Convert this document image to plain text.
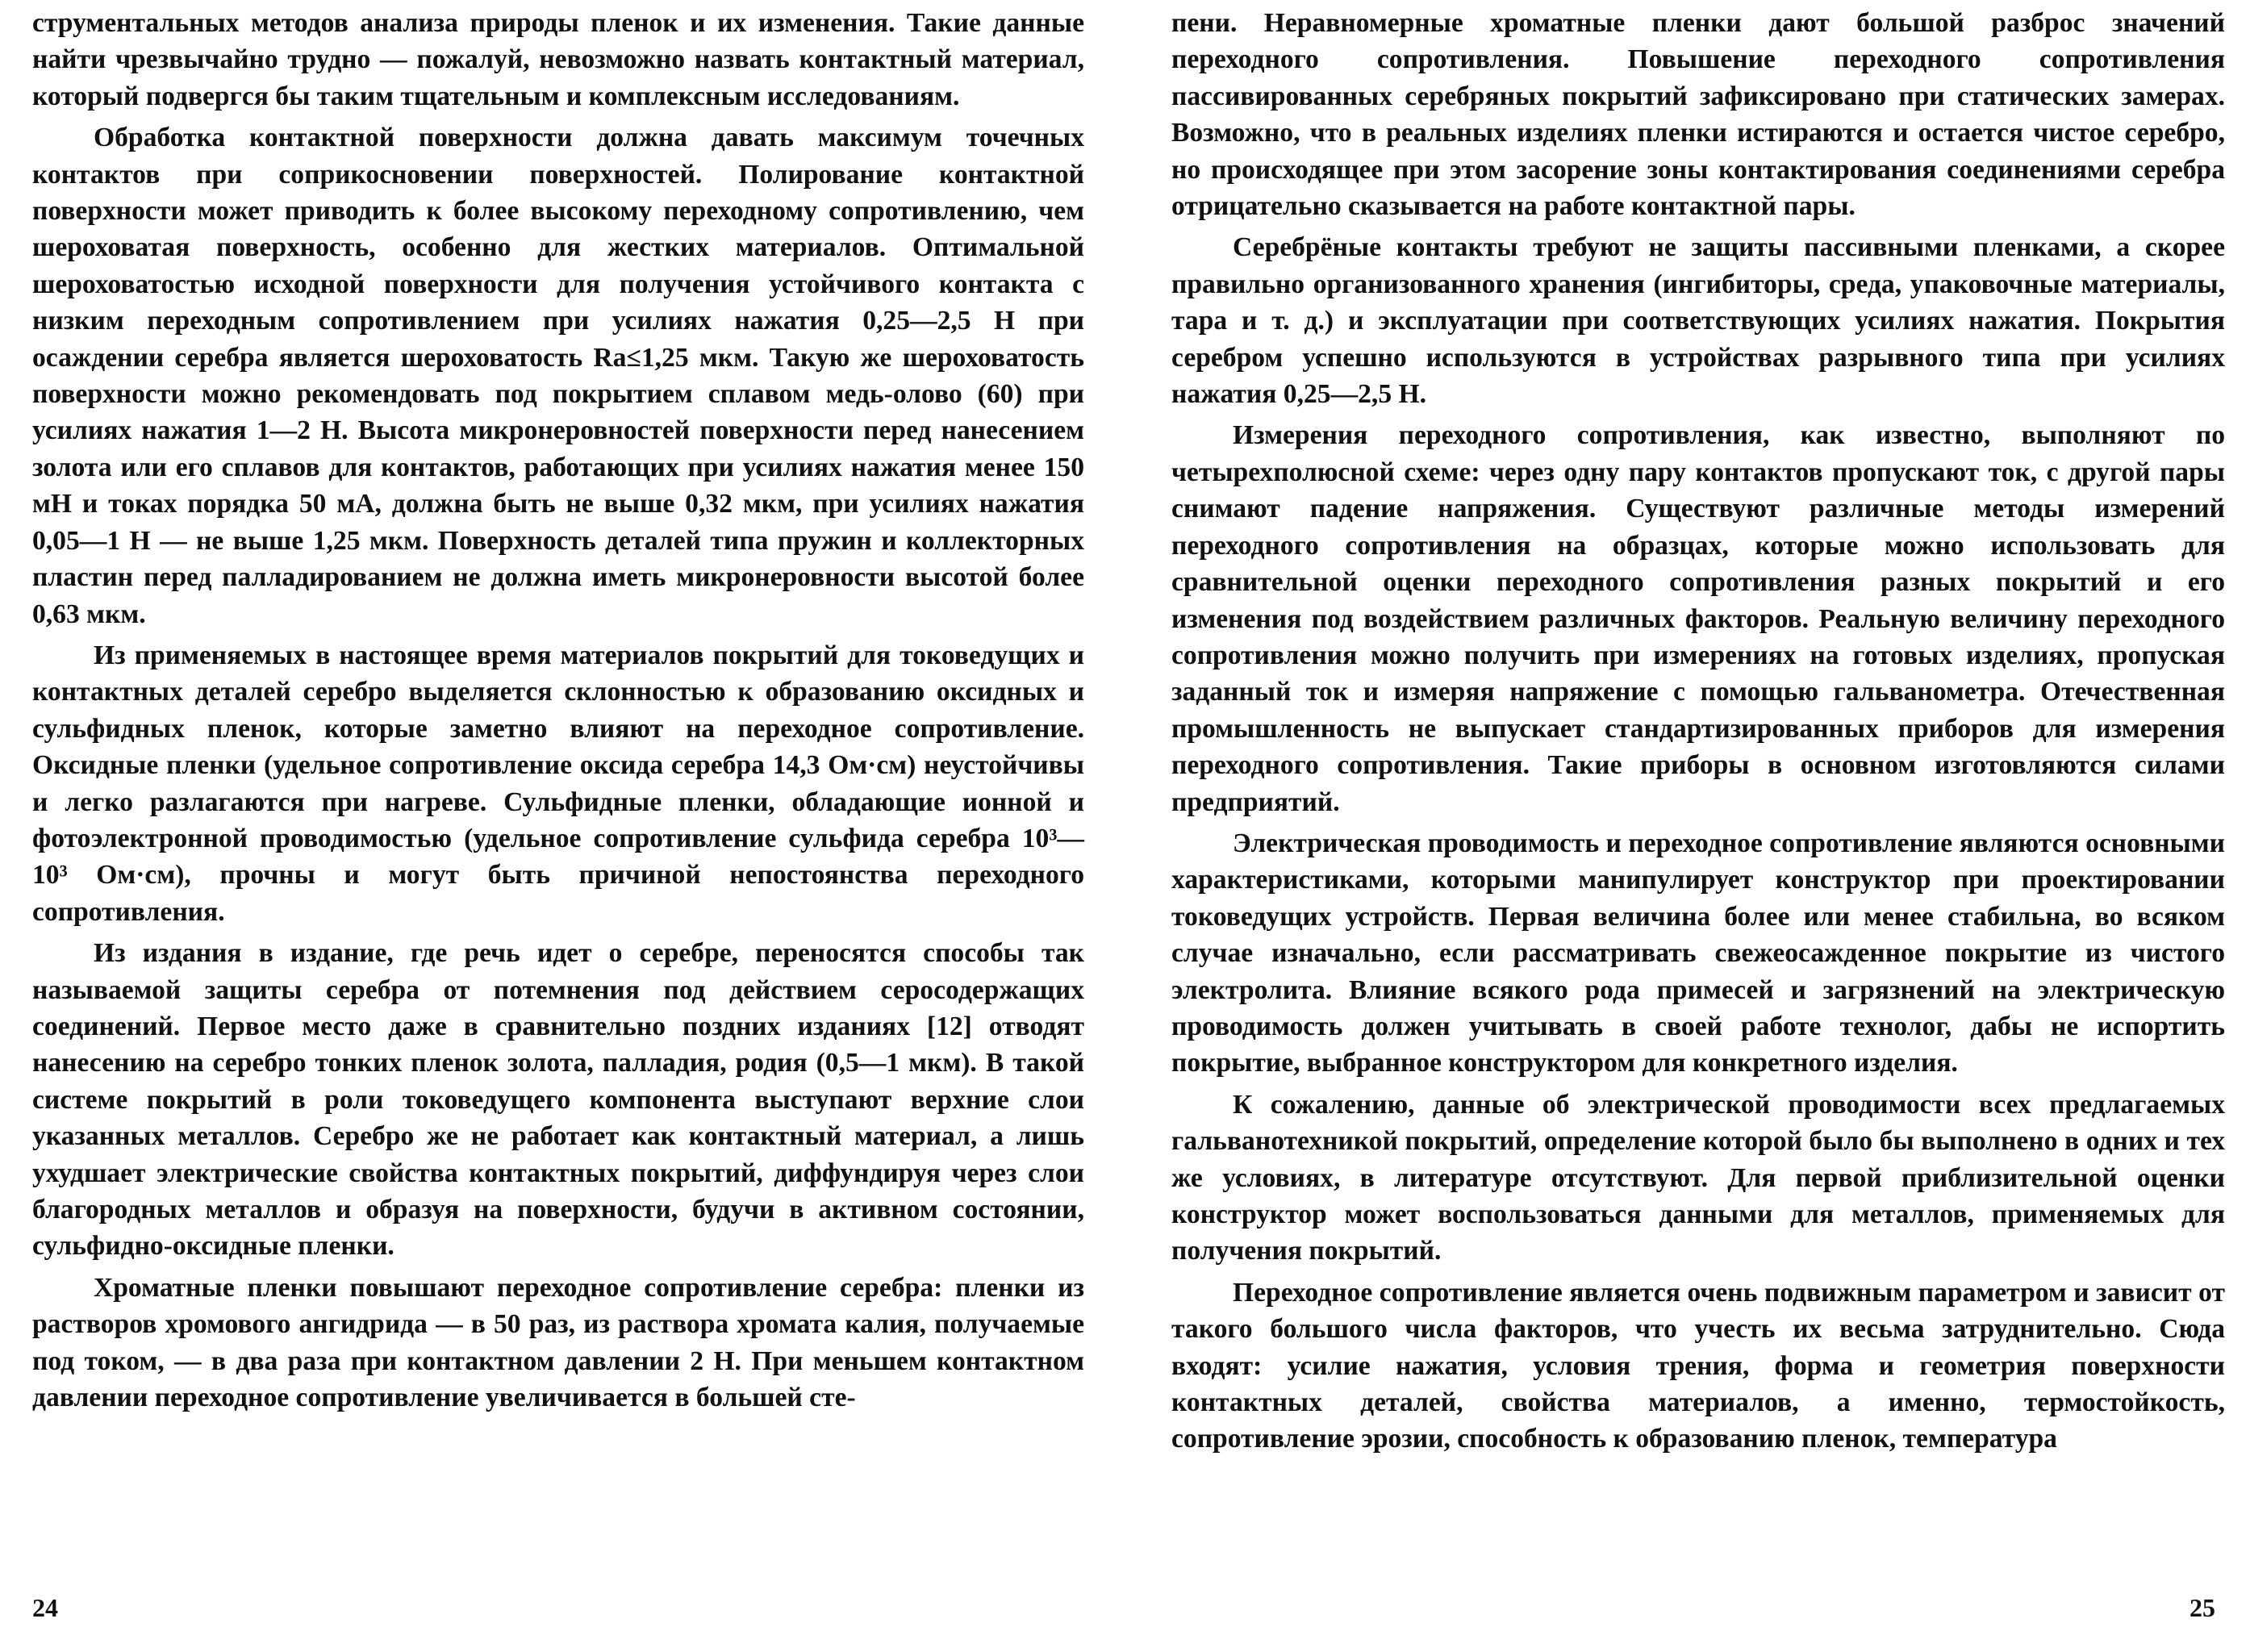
струментальных методов анализа природы пленок и их изменения. Такие данные найти чрезвычайно трудно — пожалуй, невозможно назвать контактный материал, который подвергся бы таким тщательным и комплексным исследованиям.

Обработка контактной поверхности должна давать максимум точечных контактов при соприкосновении поверхностей. Полирование контактной поверхности может приводить к более высокому переходному сопротивлению, чем шероховатая поверхность, особенно для жестких материалов. Оптимальной шероховатостью исходной поверхности для получения устойчивого контакта с низким переходным сопротивлением при усилиях нажатия 0,25—2,5 Н при осаждении серебра является шероховатость Ra≤1,25 мкм. Такую же шероховатость поверхности можно рекомендовать под покрытием сплавом медь-олово (60) при усилиях нажатия 1—2 Н. Высота микронеровностей поверхности перед нанесением золота или его сплавов для контактов, работающих при усилиях нажатия менее 150 мН и токах порядка 50 мА, должна быть не выше 0,32 мкм, при усилиях нажатия 0,05—1 Н — не выше 1,25 мкм. Поверхность деталей типа пружин и коллекторных пластин перед палладированием не должна иметь микронеровности высотой более 0,63 мкм.

Из применяемых в настоящее время материалов покрытий для токоведущих и контактных деталей серебро выделяется склонностью к образованию оксидных и сульфидных пленок, которые заметно влияют на переходное сопротивление. Оксидные пленки (удельное сопротивление оксида серебра 14,3 Ом·см) неустойчивы и легко разлагаются при нагреве. Сульфидные пленки, обладающие ионной и фотоэлектронной проводимостью (удельное сопротивление сульфида серебра 10³—10³ Ом·см), прочны и могут быть причиной непостоянства переходного сопротивления.

Из издания в издание, где речь идет о серебре, переносятся способы так называемой защиты серебра от потемнения под действием серосодержащих соединений. Первое место даже в сравнительно поздних изданиях [12] отводят нанесению на серебро тонких пленок золота, палладия, родия (0,5—1 мкм). В такой системе покрытий в роли токоведущего компонента выступают верхние слои указанных металлов. Серебро же не работает как контактный материал, а лишь ухудшает электрические свойства контактных покрытий, диффундируя через слои благородных металлов и образуя на поверхности, будучи в активном состоянии, сульфидно-оксидные пленки.

Хроматные пленки повышают переходное сопротивление серебра: пленки из растворов хромового ангидрида — в 50 раз, из раствора хромата калия, получаемые под током, — в два раза при контактном давлении 2 Н. При меньшем контактном давлении переходное сопротивление увеличивается в большей сте-

24

пени. Неравномерные хроматные пленки дают большой разброс значений переходного сопротивления. Повышение переходного сопротивления пассивированных серебряных покрытий зафиксировано при статических замерах. Возможно, что в реальных изделиях пленки истираются и остается чистое серебро, но происходящее при этом засорение зоны контактирования соединениями серебра отрицательно сказывается на работе контактной пары.

Серебрёные контакты требуют не защиты пассивными пленками, а скорее правильно организованного хранения (ингибиторы, среда, упаковочные материалы, тара и т. д.) и эксплуатации при соответствующих усилиях нажатия. Покрытия серебром успешно используются в устройствах разрывного типа при усилиях нажатия 0,25—2,5 Н.

Измерения переходного сопротивления, как известно, выполняют по четырехполюсной схеме: через одну пару контактов пропускают ток, с другой пары снимают падение напряжения. Существуют различные методы измерений переходного сопротивления на образцах, которые можно использовать для сравнительной оценки переходного сопротивления разных покрытий и его изменения под воздействием различных факторов. Реальную величину переходного сопротивления можно получить при измерениях на готовых изделиях, пропуская заданный ток и измеряя напряжение с помощью гальванометра. Отечественная промышленность не выпускает стандартизированных приборов для измерения переходного сопротивления. Такие приборы в основном изготовляются силами предприятий.

Электрическая проводимость и переходное сопротивление являются основными характеристиками, которыми манипулирует конструктор при проектировании токоведущих устройств. Первая величина более или менее стабильна, во всяком случае изначально, если рассматривать свежеосажденное покрытие из чистого электролита. Влияние всякого рода примесей и загрязнений на электрическую проводимость должен учитывать в своей работе технолог, дабы не испортить покрытие, выбранное конструктором для конкретного изделия.

К сожалению, данные об электрической проводимости всех предлагаемых гальванотехникой покрытий, определение которой было бы выполнено в одних и тех же условиях, в литературе отсутствуют. Для первой приблизительной оценки конструктор может воспользоваться данными для металлов, применяемых для получения покрытий.

Переходное сопротивление является очень подвижным параметром и зависит от такого большого числа факторов, что учесть их весьма затруднительно. Сюда входят: усилие нажатия, условия трения, форма и геометрия поверхности контактных деталей, свойства материалов, а именно, термостойкость, сопротивление эрозии, способность к образованию пленок, температура

25
